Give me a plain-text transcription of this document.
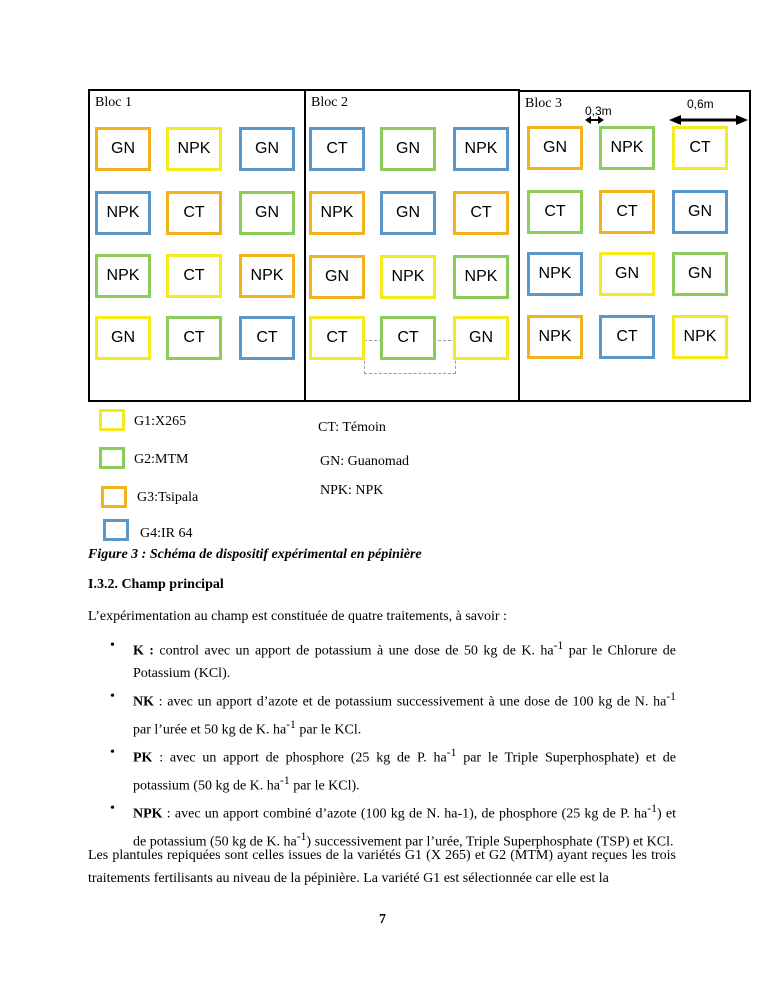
Bloc 1	Bloc 2	Bloc 3 0,3m	0,6m
G1:X265
G2:MTM
G3:Tsipala
G4:IR 64
CT: Témoin
GN: Guanomad
NPK: NPK
Figure 3 : Schéma de dispositif expérimental en pépinière
I.3.2. Champ principal
L’expérimentation au champ est constituée de quatre traitements, à savoir :
• K : control avec un apport de potassium à une dose de 50 kg de K. $ha^{-1}$ par le Chlorure de Potassium (KCl).
• NK : avec un apport d’azote et de potassium successivement à une dose de 100 kg de N. $ha^{-1}$ par l’urée et 50 kg de K. $ha^{-1}$ par le KCl.
• PK : avec un apport de phosphore (25 kg de P. $ha^{-1}$ par le Triple Superphosphate) et de potassium (50 kg de K. $ha^{-1}$ par le KCl).
• NPK : avec un apport combiné d’azote (100 kg de N. ha-1), de phosphore (25 kg de P. $ha^{-1}$) et de potassium (50 kg de K. $ha^{-1}$) successivement par l’urée, Triple Superphosphate (TSP) et KCl.
Les plantules repiquées sont celles issues de la variétés G1 (X 265) et G2 (MTM) ayant reçues les trois traitements fertilisants au niveau de la pépinière. La variété G1 est sélectionnée car elle est la
7
GN	NPK	GN
NPK	CT	GN
NPK	CT	NPK
GN	CT	CT
CT	GN	NPK
NPK	GN	CT
GN	NPK	NPK
CT	CT	GN
GN	NPK	CT
CT	CT	GN
NPK	GN	GN
NPK	CT	NPK
